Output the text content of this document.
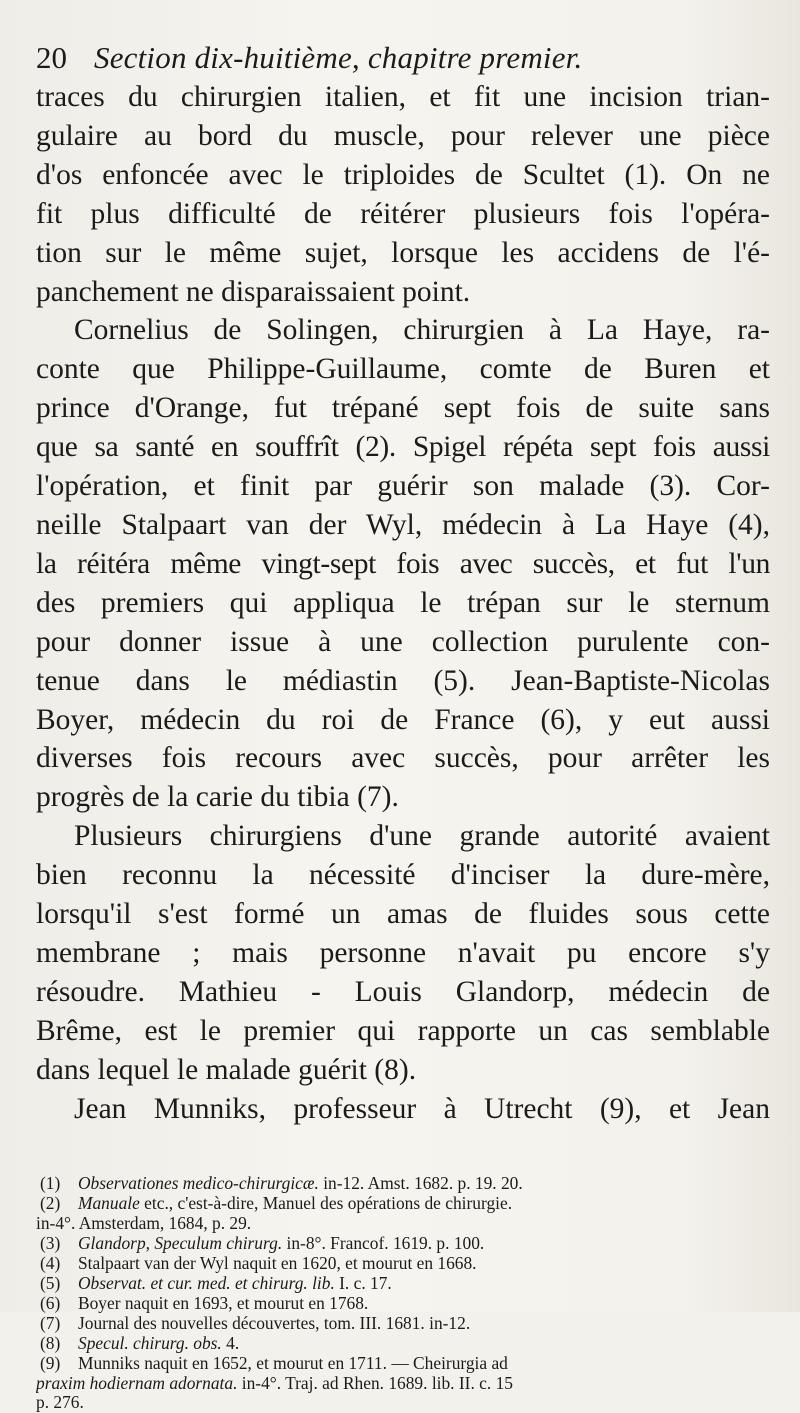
20 Section dix-huitième, chapitre premier.
traces du chirurgien italien, et fit une incision trian-
gulaire au bord du muscle, pour relever une pièce
d'os enfoncée avec le triploides de Scultet (1). On ne
fit plus difficulté de réitérer plusieurs fois l'opéra-
tion sur le même sujet, lorsque les accidens de l'é-
panchement ne disparaissaient point.
Cornelius de Solingen, chirurgien à La Haye, ra-
conte que Philippe-Guillaume, comte de Buren et
prince d'Orange, fut trépané sept fois de suite sans
que sa santé en souffrît (2). Spigel répéta sept fois aussi
l'opération, et finit par guérir son malade (3). Cor-
neille Stalpaart van der Wyl, médecin à La Haye (4),
la réitéra même vingt-sept fois avec succès, et fut l'un
des premiers qui appliqua le trépan sur le sternum
pour donner issue à une collection purulente con-
tenue dans le médiastin (5). Jean-Baptiste-Nicolas
Boyer, médecin du roi de France (6), y eut aussi
diverses fois recours avec succès, pour arrêter les
progrès de la carie du tibia (7).
Plusieurs chirurgiens d'une grande autorité avaient
bien reconnu la nécessité d'inciser la dure-mère,
lorsqu'il s'est formé un amas de fluides sous cette
membrane ; mais personne n'avait pu encore s'y
résoudre. Mathieu - Louis Glandorp, médecin de
Brême, est le premier qui rapporte un cas semblable
dans lequel le malade guérit (8).
Jean Munniks, professeur à Utrecht (9), et Jean
(1) Observationes medico-chirurgicæ. in-12. Amst. 1682. p. 19. 20.
(2) Manuale etc., c'est-à-dire, Manuel des opérations de chirurgie.
in-4°. Amsterdam, 1684, p. 29.
(3) Glandorp, Speculum chirurg. in-8°. Francof. 1619. p. 100.
(4) Stalpaart van der Wyl naquit en 1620, et mourut en 1668.
(5) Observat. et cur. med. et chirurg. lib. I. c. 17.
(6) Boyer naquit en 1693, et mourut en 1768.
(7) Journal des nouvelles découvertes, tom. III. 1681. in-12.
(8) Specul. chirurg. obs. 4.
(9) Munniks naquit en 1652, et mourut en 1711. — Cheirurgia ad
praxim hodiernam adornata. in-4°. Traj. ad Rhen. 1689. lib. II. c. 15
p. 276.
